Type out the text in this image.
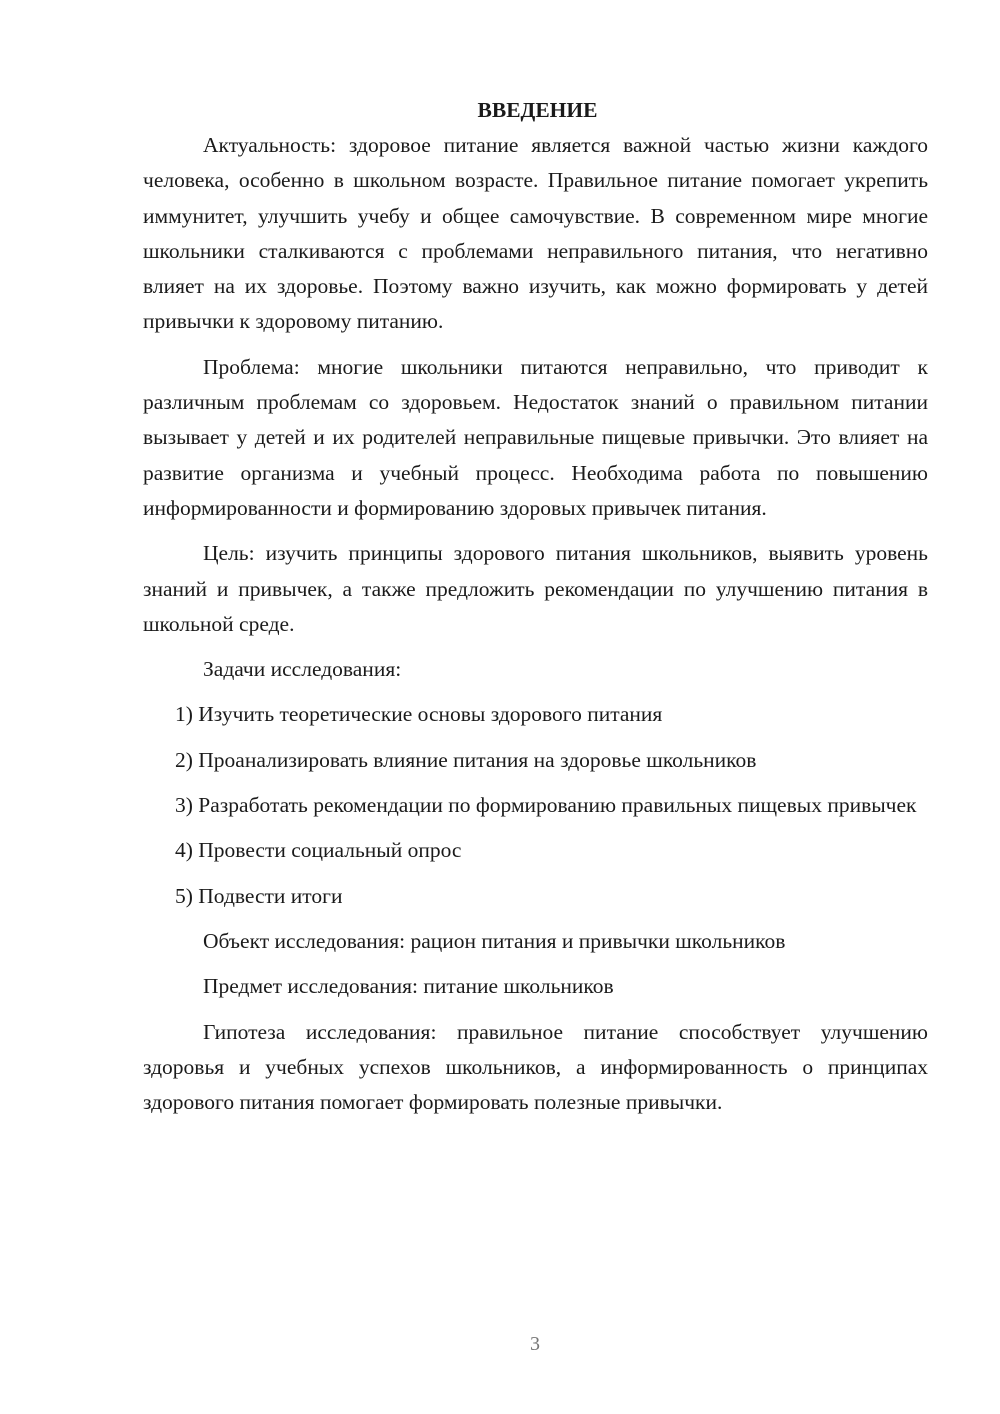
ВВЕДЕНИЕ

Актуальность: здоровое питание является важной частью жизни каждого человека, особенно в школьном возрасте. Правильное питание помогает укрепить иммунитет, улучшить учебу и общее самочувствие. В современном мире многие школьники сталкиваются с проблемами неправильного питания, что негативно влияет на их здоровье. Поэтому важно изучить, как можно формировать у детей привычки к здоровому питанию.

Проблема: многие школьники питаются неправильно, что приводит к различным проблемам со здоровьем. Недостаток знаний о правильном питании вызывает у детей и их родителей неправильные пищевые привычки. Это влияет на развитие организма и учебный процесс. Необходима работа по повышению информированности и формированию здоровых привычек питания.

Цель: изучить принципы здорового питания школьников, выявить уровень знаний и привычек, а также предложить рекомендации по улучшению питания в школьной среде.

Задачи исследования:

1) Изучить теоретические основы здорового питания

2) Проанализировать влияние питания на здоровье школьников

3) Разработать рекомендации по формированию правильных пищевых привычек

4) Провести социальный опрос

5) Подвести итоги

Объект исследования: рацион питания и привычки школьников

Предмет исследования: питание школьников

Гипотеза исследования: правильное питание способствует улучшению здоровья и учебных успехов школьников, а информированность о принципах здорового питания помогает формировать полезные привычки.

3
